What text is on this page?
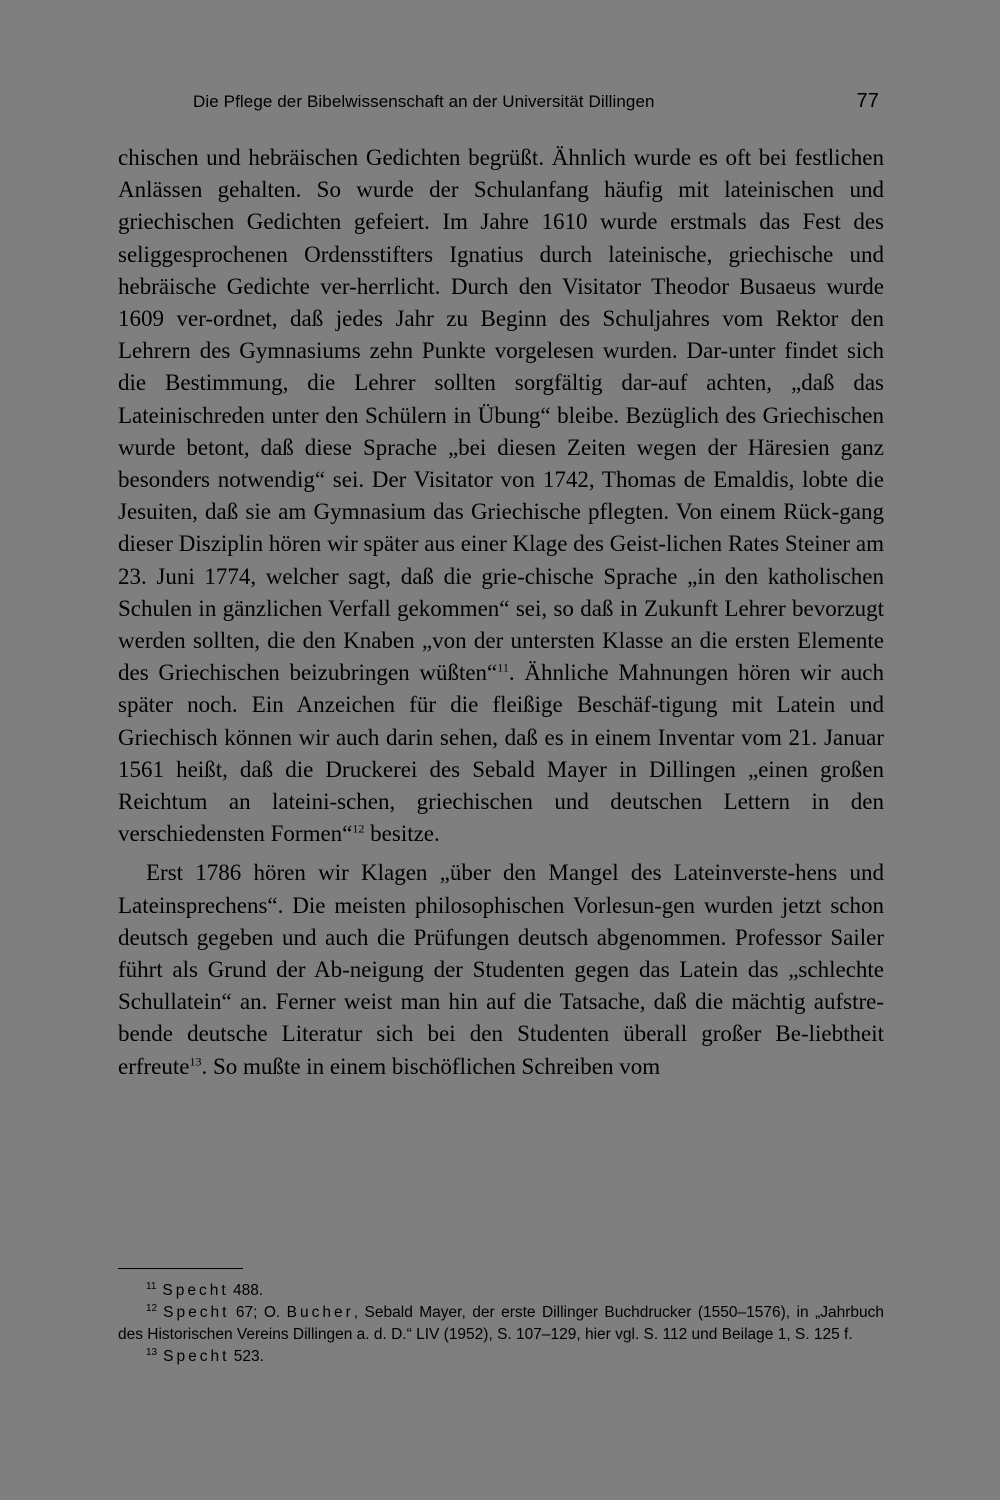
Die Pflege der Bibelwissenschaft an der Universität Dillingen	77

chischen und hebräischen Gedichten begrüßt. Ähnlich wurde es oft bei festlichen Anlässen gehalten. So wurde der Schulanfang häufig mit lateinischen und griechischen Gedichten gefeiert. Im Jahre 1610 wurde erstmals das Fest des seliggesprochenen Ordensstifters Ignatius durch lateinische, griechische und hebräische Gedichte ver-herrlicht. Durch den Visitator Theodor Busaeus wurde 1609 ver-ordnet, daß jedes Jahr zu Beginn des Schuljahres vom Rektor den Lehrern des Gymnasiums zehn Punkte vorgelesen wurden. Dar-unter findet sich die Bestimmung, die Lehrer sollten sorgfältig dar-auf achten, „daß das Lateinischreden unter den Schülern in Übung“ bleibe. Bezüglich des Griechischen wurde betont, daß diese Sprache „bei diesen Zeiten wegen der Häresien ganz besonders notwendig“ sei. Der Visitator von 1742, Thomas de Emaldis, lobte die Jesuiten, daß sie am Gymnasium das Griechische pflegten. Von einem Rück-gang dieser Disziplin hören wir später aus einer Klage des Geist-lichen Rates Steiner am 23. Juni 1774, welcher sagt, daß die grie-chische Sprache „in den katholischen Schulen in gänzlichen Verfall gekommen“ sei, so daß in Zukunft Lehrer bevorzugt werden sollten, die den Knaben „von der untersten Klasse an die ersten Elemente des Griechischen beizubringen wüßten“$^{11}$. Ähnliche Mahnungen hören wir auch später noch. Ein Anzeichen für die fleißige Beschäf-tigung mit Latein und Griechisch können wir auch darin sehen, daß es in einem Inventar vom 21. Januar 1561 heißt, daß die Druckerei des Sebald Mayer in Dillingen „einen großen Reichtum an lateini-schen, griechischen und deutschen Lettern in den verschiedensten Formen“$^{12}$ besitze.

Erst 1786 hören wir Klagen „über den Mangel des Lateinverste-hens und Lateinsprechens“. Die meisten philosophischen Vorlesun-gen wurden jetzt schon deutsch gegeben und auch die Prüfungen deutsch abgenommen. Professor Sailer führt als Grund der Ab-neigung der Studenten gegen das Latein das „schlechte Schullatein“ an. Ferner weist man hin auf die Tatsache, daß die mächtig aufstre-bende deutsche Literatur sich bei den Studenten überall großer Be-liebtheit erfreute$^{13}$. So mußte in einem bischöflichen Schreiben vom

$^{11}$ Specht 488.

$^{12}$ Specht 67; O. Bucher, Sebald Mayer, der erste Dillinger Buchdrucker (1550–1576), in „Jahrbuch des Historischen Vereins Dillingen a. d. D.“ LIV (1952), S. 107–129, hier vgl. S. 112 und Beilage 1, S. 125 f.

$^{13}$ Specht 523.
